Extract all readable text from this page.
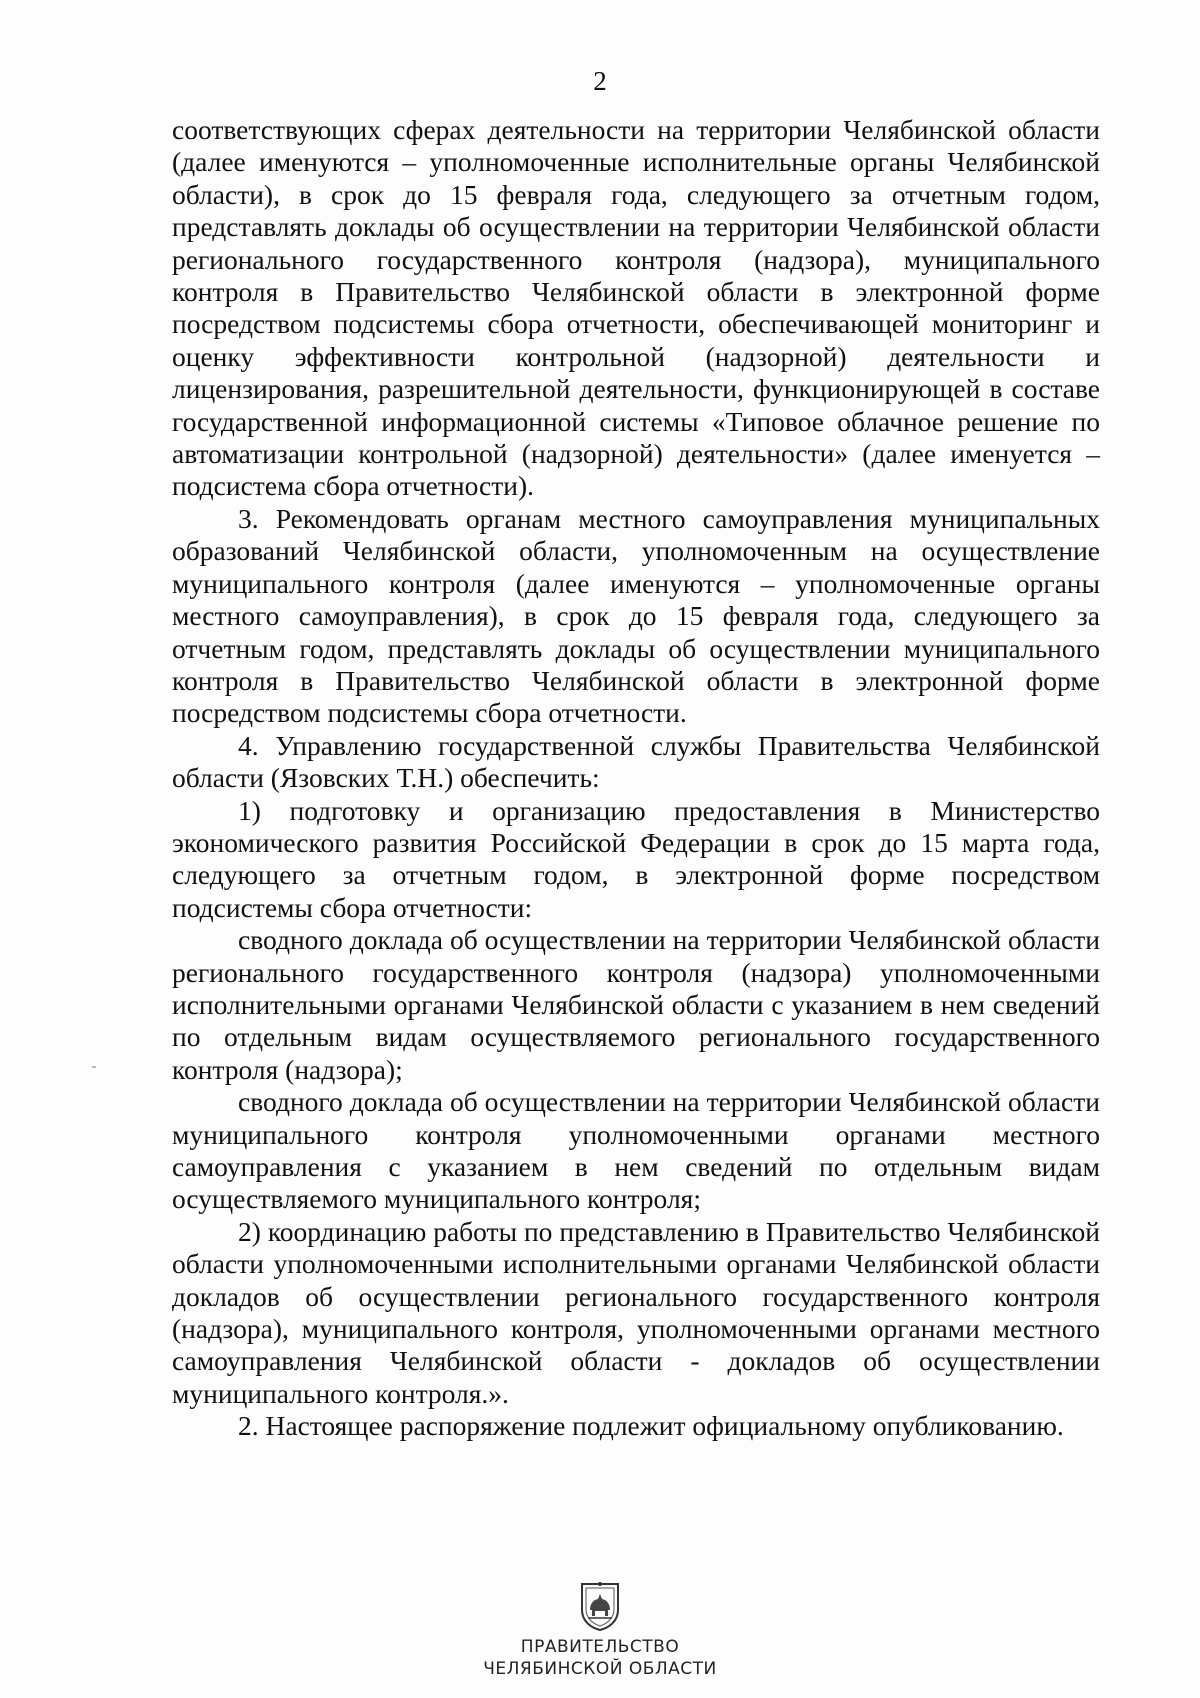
2

соответствующих сферах деятельности на территории Челябинской области (далее именуются – уполномоченные исполнительные органы Челябинской области), в срок до 15 февраля года, следующего за отчетным годом, представлять доклады об осуществлении на территории Челябинской области регионального государственного контроля (надзора), муниципального контроля в Правительство Челябинской области в электронной форме посредством подсистемы сбора отчетности, обеспечивающей мониторинг и оценку эффективности контрольной (надзорной) деятельности и лицензирования, разрешительной деятельности, функционирующей в составе государственной информационной системы «Типовое облачное решение по автоматизации контрольной (надзорной) деятельности» (далее именуется – подсистема сбора отчетности).

3. Рекомендовать органам местного самоуправления муниципальных образований Челябинской области, уполномоченным на осуществление муниципального контроля (далее именуются – уполномоченные органы местного самоуправления), в срок до 15 февраля года, следующего за отчетным годом, представлять доклады об осуществлении муниципального контроля в Правительство Челябинской области в электронной форме посредством подсистемы сбора отчетности.

4. Управлению государственной службы Правительства Челябинской области (Язовских Т.Н.) обеспечить:

1) подготовку и организацию предоставления в Министерство экономического развития Российской Федерации в срок до 15 марта года, следующего за отчетным годом, в электронной форме посредством подсистемы сбора отчетности:

сводного доклада об осуществлении на территории Челябинской области регионального государственного контроля (надзора) уполномоченными исполнительными органами Челябинской области с указанием в нем сведений по отдельным видам осуществляемого регионального государственного контроля (надзора);

сводного доклада об осуществлении на территории Челябинской области муниципального контроля уполномоченными органами местного самоуправления с указанием в нем сведений по отдельным видам осуществляемого муниципального контроля;

2) координацию работы по представлению в Правительство Челябинской области уполномоченными исполнительными органами Челябинской области докладов об осуществлении регионального государственного контроля (надзора), муниципального контроля, уполномоченными органами местного самоуправления Челябинской области - докладов об осуществлении муниципального контроля.».

2. Настоящее распоряжение подлежит официальному опубликованию.

ПРАВИТЕЛЬСТВО
ЧЕЛЯБИНСКОЙ ОБЛАСТИ
